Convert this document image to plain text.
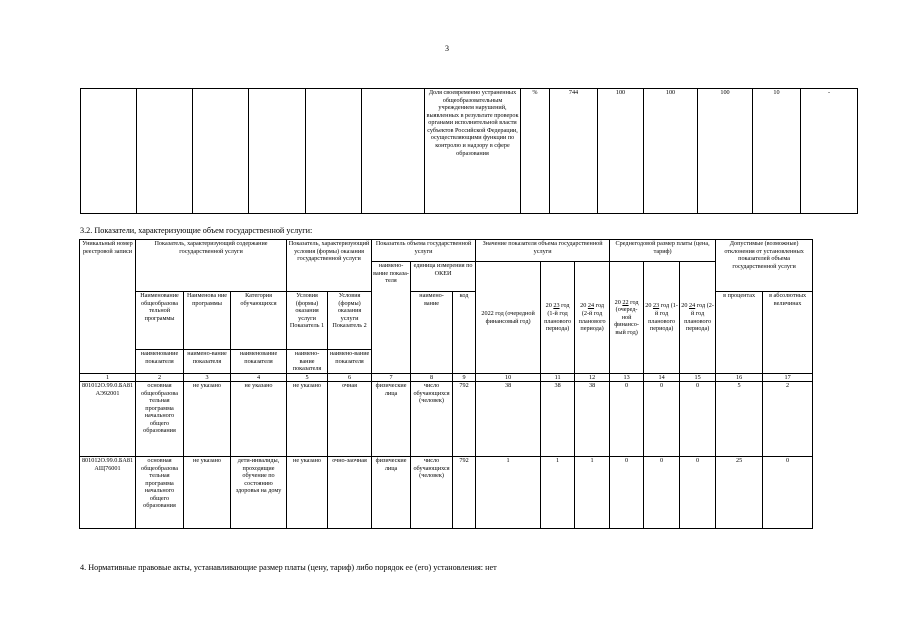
3
						Доля своевременно устраненных общеобразовательным учреждением нарушений, выявленных в результате проверок органами исполнительной власти субъектов Российской Федерации, осуществляющими функции по контролю и надзору в сфере образования	%	744	100	100	100	10	-
3.2. Показатели, характеризующие объем государственной услуги:
Уникальный номер реестровой записи	Показатель, характеризующий содержание государственной услуги			Показатель, характеризующий условия (формы) оказания государственной услуги		Показатель объема государственной услуги			Значение показателя объема государственной услуги			Среднегодовой размер платы (цена, тариф)			Допустимые (возможные) отклонения от установленных показателей объема государственной услуги	
						наимено-вание показа-теля	единица измерения по ОКЕИ		2022 год (очередной финансовый год)	20 23 год (1-й год планового периода)	20 24 год (2-й год планового периода)	20 22 год (очеред-ной финансо-вый год)	20 23 год (1-й год планового периода)	20 24 год (2-й год планового периода)		
	Наименование общеобразова тельной программы	Наименова ние программы	Категория обучающихся	Условия (формы) оказания услуги Показатель 1	Условия (формы) оказания услуги Показатель 2		наимено-вание	код							в процентах	в абсолютных величинах
	наименование показателя	наимено-вание показателя	наименование показателя	наимено-вание показателя	наимено-вание показателя											
1	2	3	4	5	6	7	8	9	10	11	12	13	14	15	16	17
801012О.99.0.БА81АЭ92001	основная общеобразова тельная программа начального общего образования	не указано	не указано	не указано	очная	физические лица	число обучающихся (человек)	792	38	38	38	0	0	0	5	2
801012О.99.0.БА81АЩ76001	основная общеобразова тельная программа начального общего образования	не указано	дети-инвалиды, проходящие обучение по состоянию здоровья на дому	не указано	очно-заочная	физические лица	число обучающихся (человек)	792	1	1	1	0	0	0	25	0
4. Нормативные правовые акты, устанавливающие размер платы (цену, тариф) либо порядок ее (его) установления: нет
